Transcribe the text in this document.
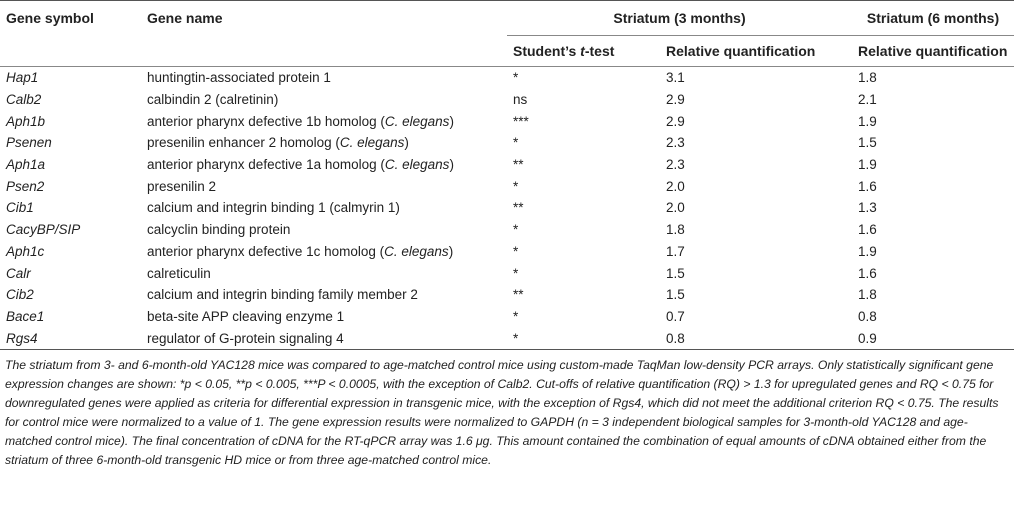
Gene symbol	Gene name	Striatum (3 months)		Striatum (6 months)
		Student’s t-test	Relative quantification	Relative quantification
Hap1	huntingtin-associated protein 1	*	3.1	1.8
Calb2	calbindin 2 (calretinin)	ns	2.9	2.1
Aph1b	anterior pharynx defective 1b homolog (C. elegans)	***	2.9	1.9
Psenen	presenilin enhancer 2 homolog (C. elegans)	*	2.3	1.5
Aph1a	anterior pharynx defective 1a homolog (C. elegans)	**	2.3	1.9
Psen2	presenilin 2	*	2.0	1.6
Cib1	calcium and integrin binding 1 (calmyrin 1)	**	2.0	1.3
CacyBP/SIP	calcyclin binding protein	*	1.8	1.6
Aph1c	anterior pharynx defective 1c homolog (C. elegans)	*	1.7	1.9
Calr	calreticulin	*	1.5	1.6
Cib2	calcium and integrin binding family member 2	**	1.5	1.8
Bace1	beta-site APP cleaving enzyme 1	*	0.7	0.8
Rgs4	regulator of G-protein signaling 4	*	0.8	0.9
The striatum from 3- and 6-month-old YAC128 mice was compared to age-matched control mice using custom-made TaqMan low-density PCR arrays. Only statistically significant gene expression changes are shown: *p < 0.05, **p < 0.005, ***P < 0.0005, with the exception of Calb2. Cut-offs of relative quantification (RQ) > 1.3 for upregulated genes and RQ < 0.75 for downregulated genes were applied as criteria for differential expression in transgenic mice, with the exception of Rgs4, which did not meet the additional criterion RQ < 0.75. The results for control mice were normalized to a value of 1. The gene expression results were normalized to GAPDH (n = 3 independent biological samples for 3-month-old YAC128 and age-matched control mice). The final concentration of cDNA for the RT-qPCR array was 1.6 μg. This amount contained the combination of equal amounts of cDNA obtained either from the striatum of three 6-month-old transgenic HD mice or from three age-matched control mice.
